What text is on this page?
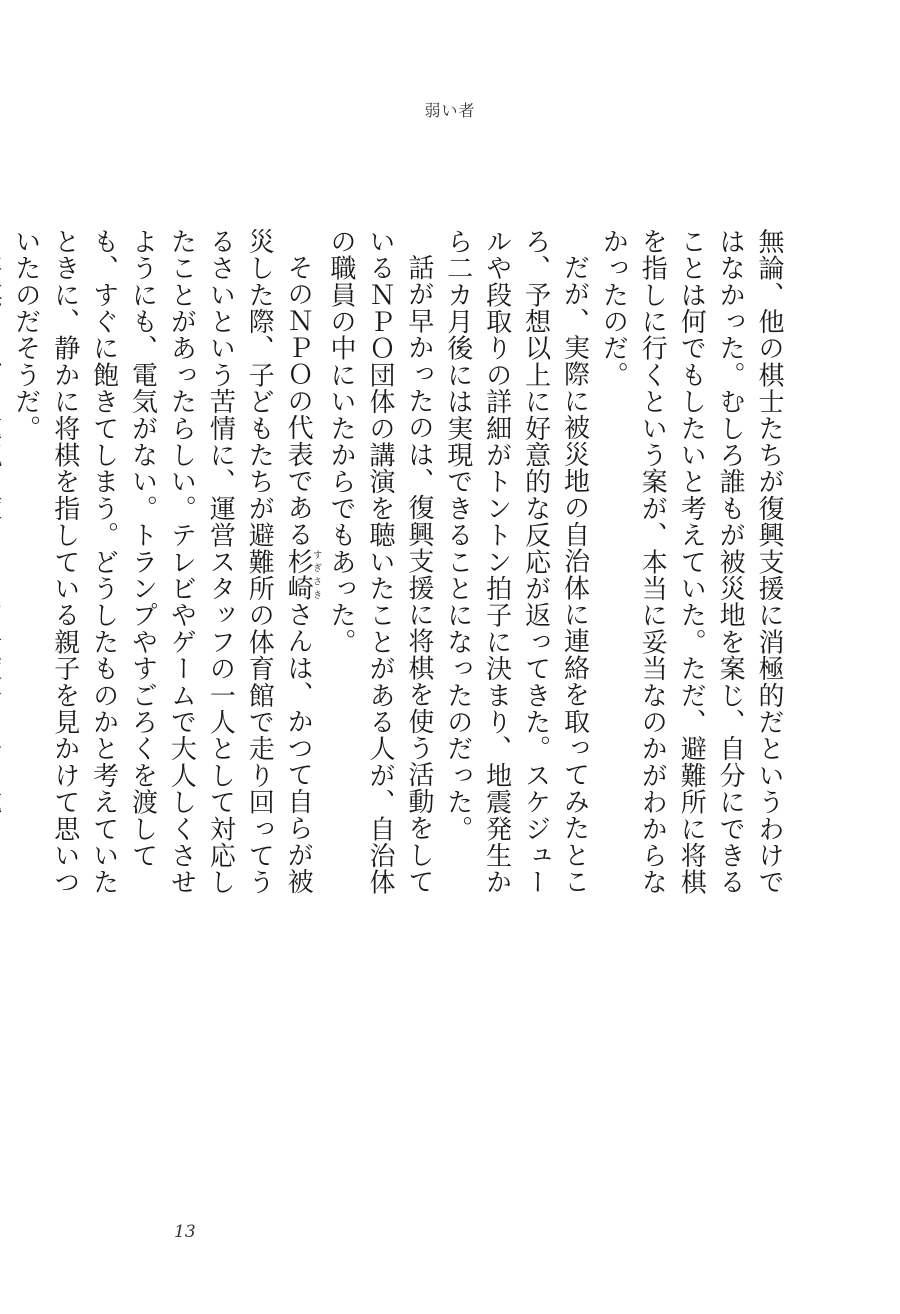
弱い者

無論、他の棋士たちが復興支援に消極的だというわけではなかった。むしろ誰もが被災地を案じ、自分にできることは何でもしたいと考えていた。ただ、避難所に将棋を指しに行くという案が、本当に妥当なのかがわからなかったのだ。

だが、実際に被災地の自治体に連絡を取ってみたところ、予想以上に好意的な反応が返ってきた。スケジュールや段取りの詳細がトントン拍子に決まり、地震発生から二カ月後には実現できることになったのだった。

話が早かったのは、復興支援に将棋を使う活動をしているＮＰＯ団体の講演を聴いたことがある人が、自治体の職員の中にいたからでもあった。

そのＮＰＯの代表である杉崎すぎさきさんは、かつて自らが被災した際、子どもたちが避難所の体育館で走り回ってうるさいという苦情に、運営スタッフの一人として対応したことがあったらしい。テレビやゲームで大人しくさせようにも、電気がない。トランプやすごろくを渡しても、すぐに飽きてしまう。どうしたものかと考えていたときに、静かに将棋を指している親子を見かけて思いついたのだそうだ。

13
